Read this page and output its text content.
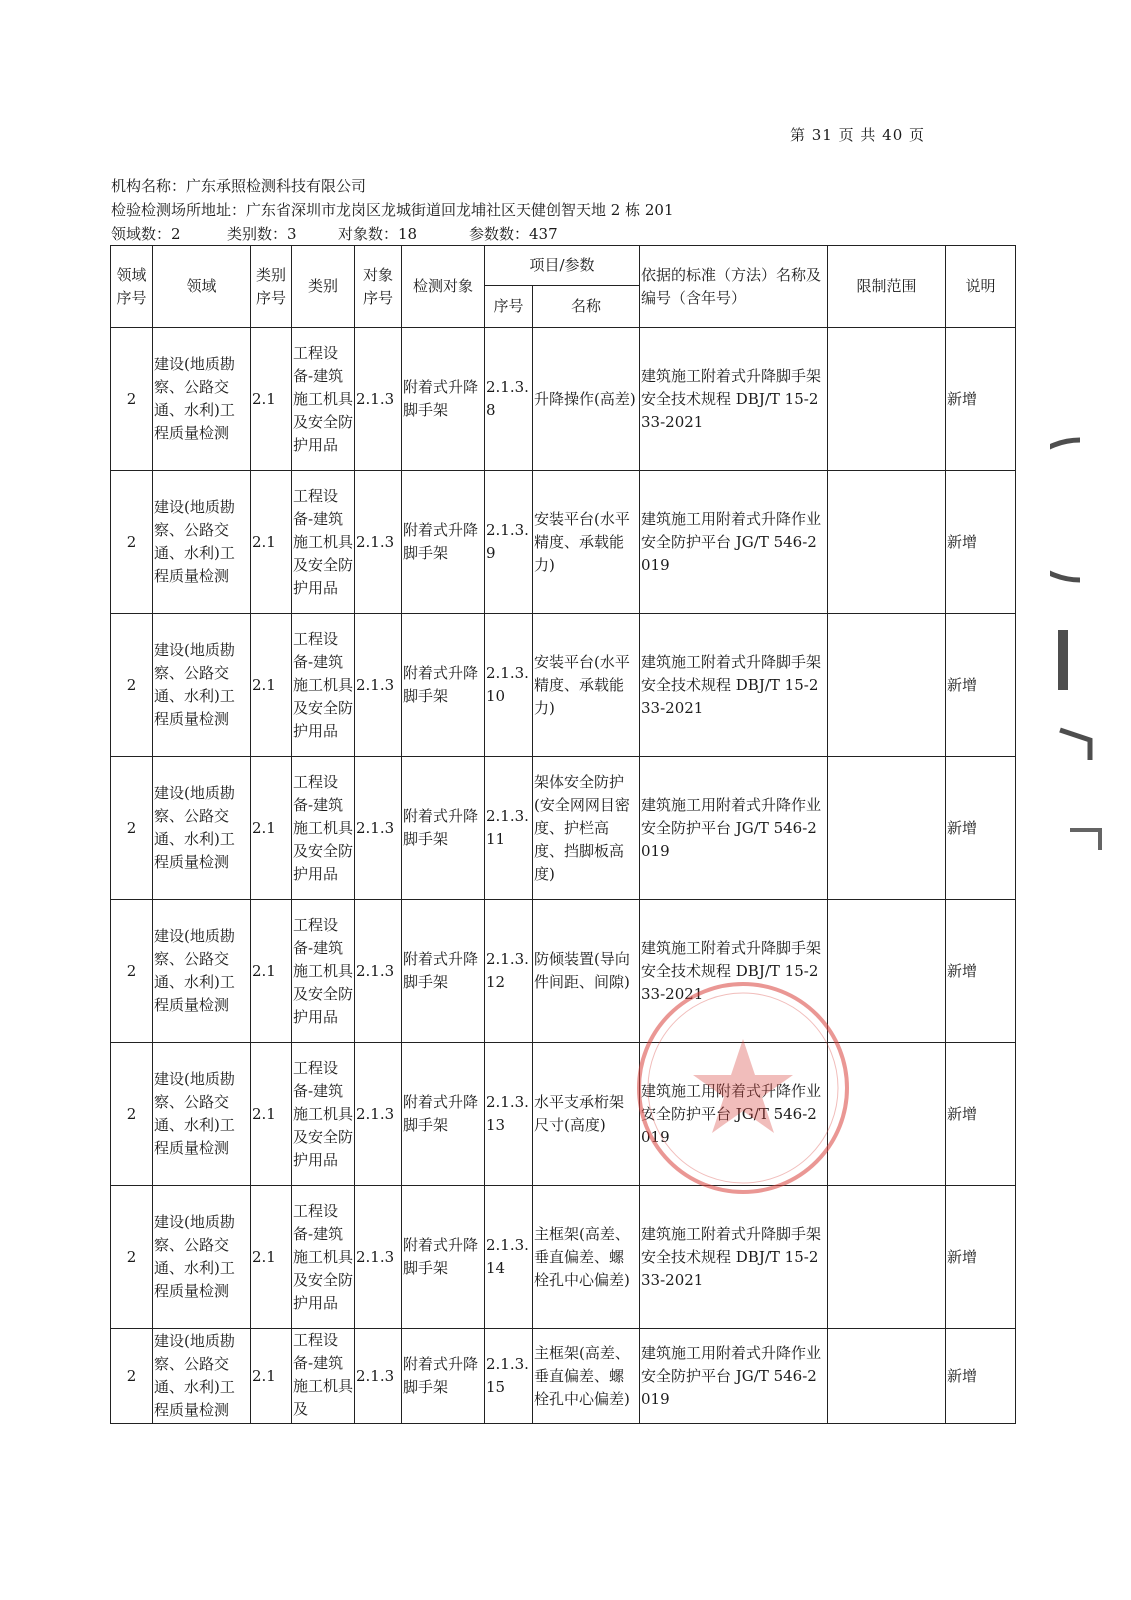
第 31 页 共 40 页
机构名称：广东承照检测科技有限公司
检验检测场所地址：广东省深圳市龙岗区龙城街道回龙埔社区天健创智天地 2 栋 201
领域数：2	类别数：3	对象数：18	参数数：437
领域序号	领域	类别序号	类别	对象序号	检测对象	项目/参数		依据的标准（方法）名称及编号（含年号）	限制范围	说明
						序号	名称			
2	建设(地质勘察、公路交通、水利)工程质量检测	2.1	工程设备-建筑施工机具及安全防护用品	2.1.3	附着式升降脚手架	2.1.3.8	升降操作(高差)	建筑施工附着式升降脚手架安全技术规程 DBJ/T 15-233-2021		新增
2	建设(地质勘察、公路交通、水利)工程质量检测	2.1	工程设备-建筑施工机具及安全防护用品	2.1.3	附着式升降脚手架	2.1.3.9	安装平台(水平精度、承载能力)	建筑施工用附着式升降作业安全防护平台 JG/T 546-2019		新增
2	建设(地质勘察、公路交通、水利)工程质量检测	2.1	工程设备-建筑施工机具及安全防护用品	2.1.3	附着式升降脚手架	2.1.3.10	安装平台(水平精度、承载能力)	建筑施工附着式升降脚手架安全技术规程 DBJ/T 15-233-2021		新增
2	建设(地质勘察、公路交通、水利)工程质量检测	2.1	工程设备-建筑施工机具及安全防护用品	2.1.3	附着式升降脚手架	2.1.3.11	架体安全防护(安全网网目密度、护栏高度、挡脚板高度)	建筑施工用附着式升降作业安全防护平台 JG/T 546-2019		新增
2	建设(地质勘察、公路交通、水利)工程质量检测	2.1	工程设备-建筑施工机具及安全防护用品	2.1.3	附着式升降脚手架	2.1.3.12	防倾装置(导向件间距、间隙)	建筑施工附着式升降脚手架安全技术规程 DBJ/T 15-233-2021		新增
2	建设(地质勘察、公路交通、水利)工程质量检测	2.1	工程设备-建筑施工机具及安全防护用品	2.1.3	附着式升降脚手架	2.1.3.13	水平支承桁架尺寸(高度)	建筑施工用附着式升降作业安全防护平台 JG/T 546-2019		新增
2	建设(地质勘察、公路交通、水利)工程质量检测	2.1	工程设备-建筑施工机具及安全防护用品	2.1.3	附着式升降脚手架	2.1.3.14	主框架(高差、垂直偏差、螺栓孔中心偏差)	建筑施工附着式升降脚手架安全技术规程 DBJ/T 15-233-2021		新增
2	建设(地质勘察、公路交通、水利)工程质量检测	2.1	工程设备-建筑施工机具及	2.1.3	附着式升降脚手架	2.1.3.15	主框架(高差、垂直偏差、螺栓孔中心偏差)	建筑施工用附着式升降作业安全防护平台 JG/T 546-2019		新增
